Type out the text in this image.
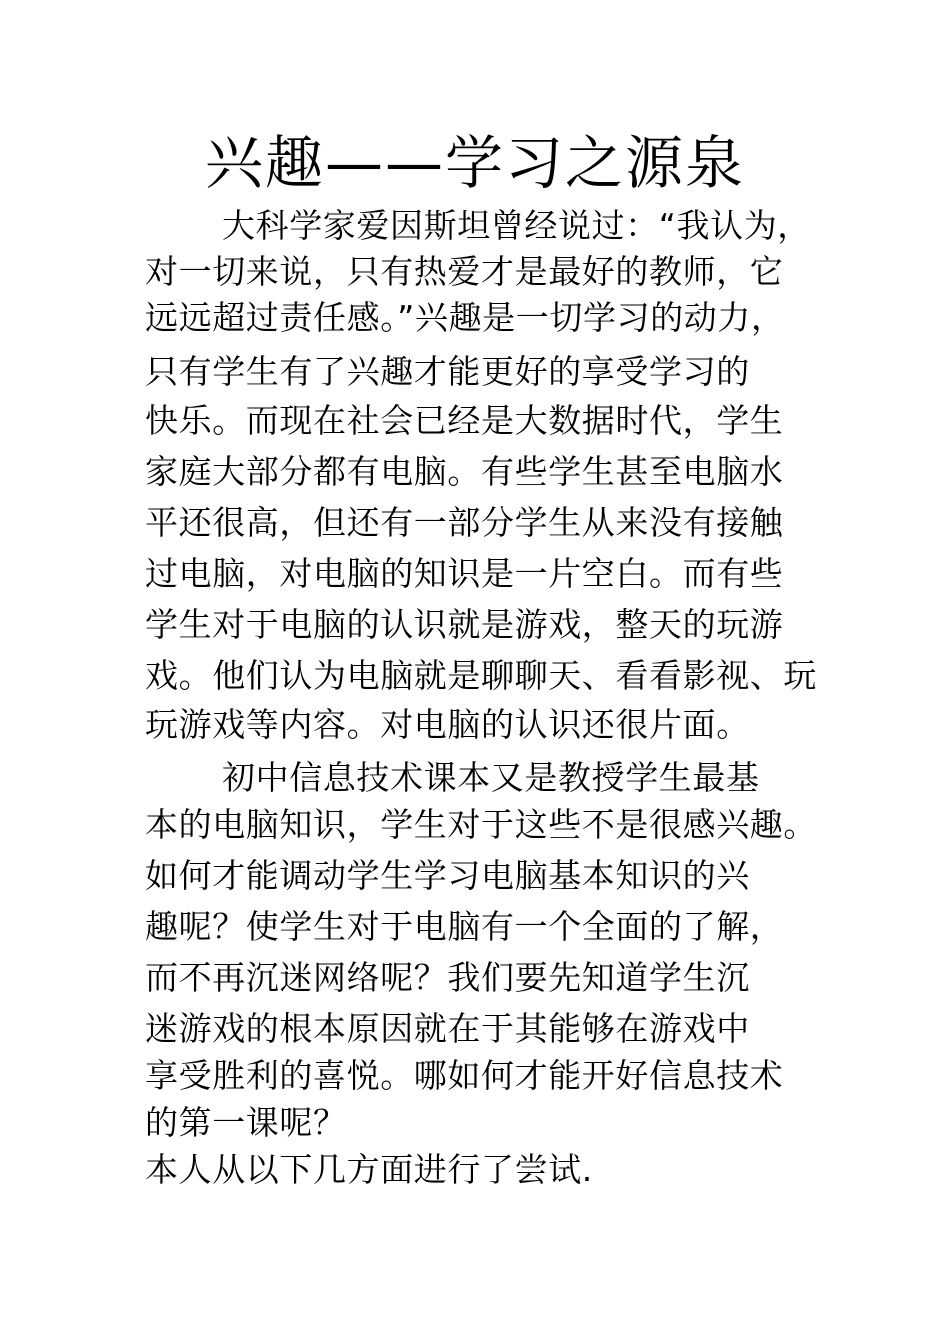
兴趣——学习之源泉
大科学家爱因斯坦曾经说过：“我认为，
对一切来说，只有热爱才是最好的教师，它
远远超过责任感。”兴趣是一切学习的动力，
只有学生有了兴趣才能更好的享受学习的
快乐。而现在社会已经是大数据时代，学生
家庭大部分都有电脑。有些学生甚至电脑水
平还很高，但还有一部分学生从来没有接触
过电脑，对电脑的知识是一片空白。而有些
学生对于电脑的认识就是游戏，整天的玩游
戏。他们认为电脑就是聊聊天、看看影视、玩
玩游戏等内容。对电脑的认识还很片面。
初中信息技术课本又是教授学生最基
本的电脑知识，学生对于这些不是很感兴趣。
如何才能调动学生学习电脑基本知识的兴
趣呢？使学生对于电脑有一个全面的了解，
而不再沉迷网络呢？我们要先知道学生沉
迷游戏的根本原因就在于其能够在游戏中
享受胜利的喜悦。哪如何才能开好信息技术
的第一课呢？
本人从以下几方面进行了尝试.
